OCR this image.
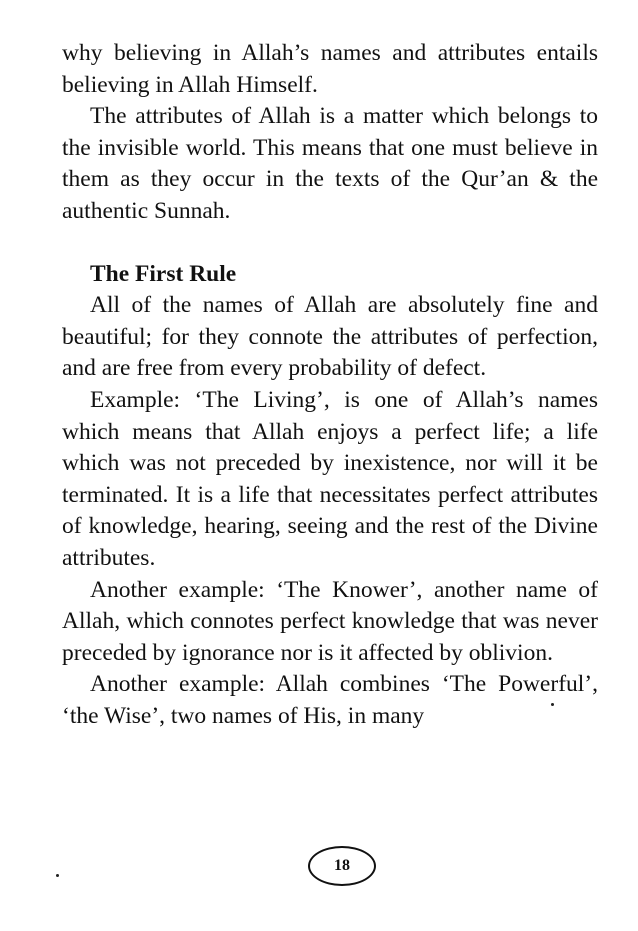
why believing in Allah’s names and attributes entails believing in Allah Himself.

The attributes of Allah is a matter which belongs to the invisible world. This means that one must believe in them as they occur in the texts of the Qur’an & the authentic Sunnah.

The First Rule

All of the names of Allah are absolutely fine and beautiful; for they connote the attributes of perfection, and are free from every probability of defect.

Example: ‘The Living’, is one of Allah’s names which means that Allah enjoys a perfect life; a life which was not preceded by inexistence, nor will it be terminated. It is a life that necessitates perfect attributes of knowledge, hearing, seeing and the rest of the Divine attributes.

Another example: ‘The Knower’, another name of Allah, which connotes perfect knowledge that was never preceded by ignorance nor is it affected by oblivion.

Another example: Allah combines ‘The Powerful’, ‘the Wise’, two names of His, in many

18
